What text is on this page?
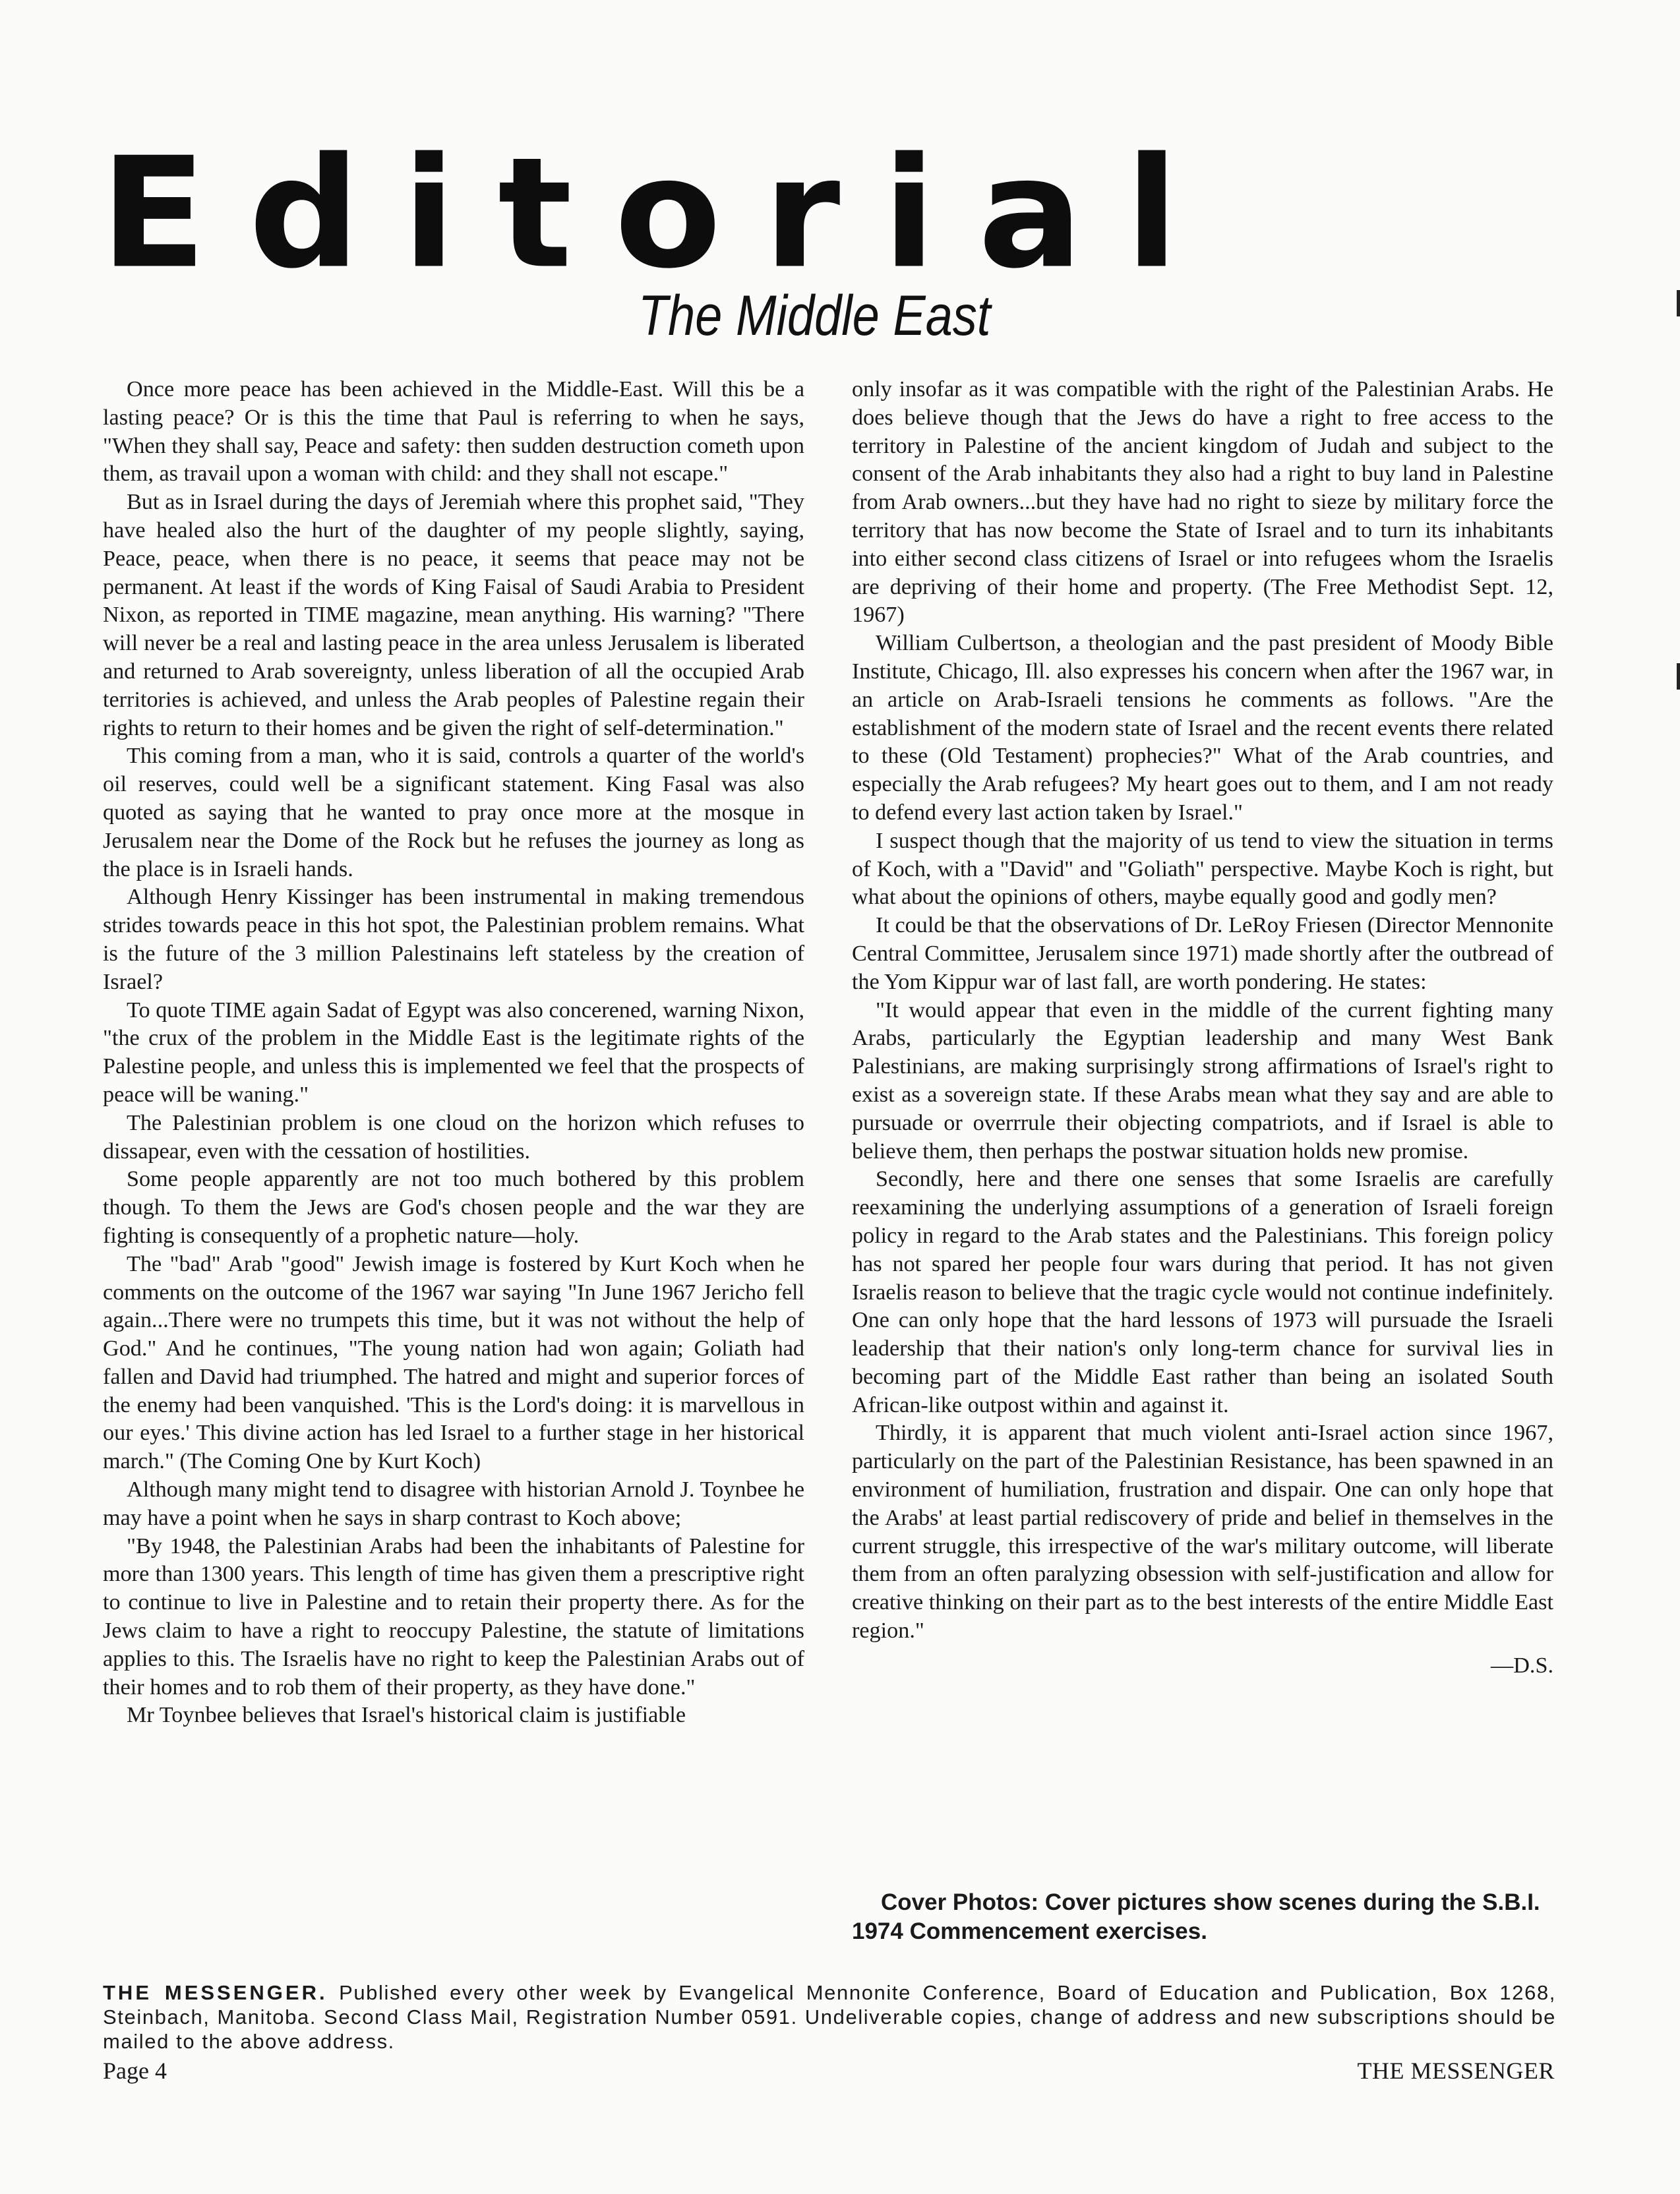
Editorial
The Middle East

Once more peace has been achieved in the Middle-East. Will this be a lasting peace? Or is this the time that Paul is referring to when he says, "When they shall say, Peace and safety: then sudden destruction cometh upon them, as travail upon a woman with child: and they shall not escape."

But as in Israel during the days of Jeremiah where this prophet said, "They have healed also the hurt of the daughter of my people slightly, saying, Peace, peace, when there is no peace, it seems that peace may not be permanent. At least if the words of King Faisal of Saudi Arabia to President Nixon, as reported in TIME magazine, mean anything. His warning? "There will never be a real and lasting peace in the area unless Jerusalem is liberated and returned to Arab sovereignty, unless liberation of all the occupied Arab territories is achieved, and unless the Arab peoples of Palestine regain their rights to return to their homes and be given the right of self-determination."

This coming from a man, who it is said, controls a quarter of the world's oil reserves, could well be a significant statement. King Fasal was also quoted as saying that he wanted to pray once more at the mosque in Jerusalem near the Dome of the Rock but he refuses the journey as long as the place is in Israeli hands.

Although Henry Kissinger has been instrumental in making tremendous strides towards peace in this hot spot, the Palestinian problem remains. What is the future of the 3 million Palestinains left stateless by the creation of Israel?

To quote TIME again Sadat of Egypt was also concerened, warning Nixon, "the crux of the problem in the Middle East is the legitimate rights of the Palestine people, and unless this is implemented we feel that the prospects of peace will be waning."

The Palestinian problem is one cloud on the horizon which refuses to dissapear, even with the cessation of hostilities.

Some people apparently are not too much bothered by this problem though. To them the Jews are God's chosen people and the war they are fighting is consequently of a prophetic nature—holy.

The "bad" Arab "good" Jewish image is fostered by Kurt Koch when he comments on the outcome of the 1967 war saying "In June 1967 Jericho fell again...There were no trumpets this time, but it was not without the help of God." And he continues, "The young nation had won again; Goliath had fallen and David had triumphed. The hatred and might and superior forces of the enemy had been vanquished. 'This is the Lord's doing: it is marvellous in our eyes.' This divine action has led Israel to a further stage in her historical march." (The Coming One by Kurt Koch)

Although many might tend to disagree with historian Arnold J. Toynbee he may have a point when he says in sharp contrast to Koch above;

"By 1948, the Palestinian Arabs had been the inhabitants of Palestine for more than 1300 years. This length of time has given them a prescriptive right to continue to live in Palestine and to retain their property there. As for the Jews claim to have a right to reoccupy Palestine, the statute of limitations applies to this. The Israelis have no right to keep the Palestinian Arabs out of their homes and to rob them of their property, as they have done."

Mr Toynbee believes that Israel's historical claim is justifiable

only insofar as it was compatible with the right of the Palestinian Arabs. He does believe though that the Jews do have a right to free access to the territory in Palestine of the ancient kingdom of Judah and subject to the consent of the Arab inhabitants they also had a right to buy land in Palestine from Arab owners...but they have had no right to sieze by military force the territory that has now become the State of Israel and to turn its inhabitants into either second class citizens of Israel or into refugees whom the Israelis are depriving of their home and property. (The Free Methodist Sept. 12, 1967)

William Culbertson, a theologian and the past president of Moody Bible Institute, Chicago, Ill. also expresses his concern when after the 1967 war, in an article on Arab-Israeli tensions he comments as follows. "Are the establishment of the modern state of Israel and the recent events there related to these (Old Testament) prophecies?" What of the Arab countries, and especially the Arab refugees? My heart goes out to them, and I am not ready to defend every last action taken by Israel."

I suspect though that the majority of us tend to view the situation in terms of Koch, with a "David" and "Goliath" perspective. Maybe Koch is right, but what about the opinions of others, maybe equally good and godly men?

It could be that the observations of Dr. LeRoy Friesen (Director Mennonite Central Committee, Jerusalem since 1971) made shortly after the outbread of the Yom Kippur war of last fall, are worth pondering. He states:

"It would appear that even in the middle of the current fighting many Arabs, particularly the Egyptian leadership and many West Bank Palestinians, are making surprisingly strong affirmations of Israel's right to exist as a sovereign state. If these Arabs mean what they say and are able to pursuade or overrrule their objecting compatriots, and if Israel is able to believe them, then perhaps the postwar situation holds new promise.

Secondly, here and there one senses that some Israelis are carefully reexamining the underlying assumptions of a generation of Israeli foreign policy in regard to the Arab states and the Palestinians. This foreign policy has not spared her people four wars during that period. It has not given Israelis reason to believe that the tragic cycle would not continue indefinitely. One can only hope that the hard lessons of 1973 will pursuade the Israeli leadership that their nation's only long-term chance for survival lies in becoming part of the Middle East rather than being an isolated South African-like outpost within and against it.

Thirdly, it is apparent that much violent anti-Israel action since 1967, particularly on the part of the Palestinian Resistance, has been spawned in an environment of humiliation, frustration and dispair. One can only hope that the Arabs' at least partial rediscovery of pride and belief in themselves in the current struggle, this irrespective of the war's military outcome, will liberate them from an often paralyzing obsession with self-justification and allow for creative thinking on their part as to the best interests of the entire Middle East region."

—D.S.

Cover Photos: Cover pictures show scenes during the S.B.I. 1974 Commencement exercises.
THE MESSENGER. Published every other week by Evangelical Mennonite Conference, Board of Education and Publication, Box 1268, Steinbach, Manitoba. Second Class Mail, Registration Number 0591. Undeliverable copies, change of address and new subscriptions should be mailed to the above address.
Page 4	THE MESSENGER
